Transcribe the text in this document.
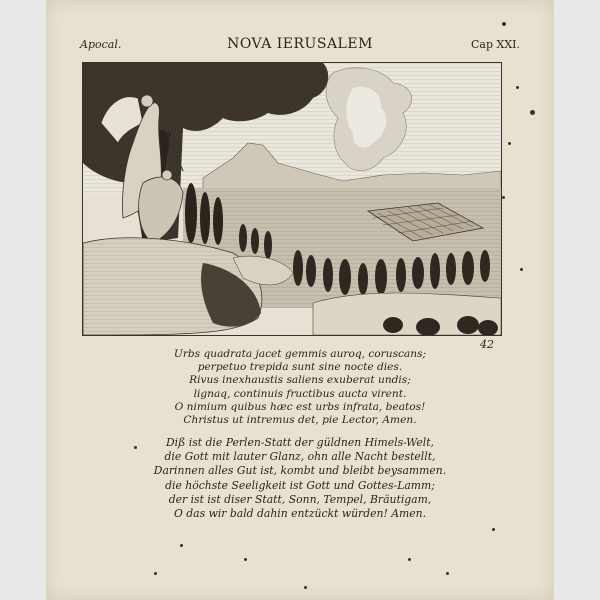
Apocal.	NOVA IERUSALEM	Cap XXI.
42
Urbs quadrata jacet gemmis auroq, coruscans;
perpetuo trepida sunt sine nocte dies.
Rivus inexhaustis saliens exuberat undis;
lignaq, continuis fructibus aucta virent.
O nimium quibus hæc est urbs infrata, beatos!
Christus ut intremus det, pie Lector, Amen.
Diß ist die Perlen-Statt der güldnen Himels-Welt,
die Gott mit lauter Glanz, ohn alle Nacht bestellt,
Darinnen alles Gut ist, kombt und bleibt beysammen.
die höchste Seeligkeit ist Gott und Gottes-Lamm;
der ist ist diser Statt, Sonn, Tempel, Bräutigam,
O das wir bald dahin entzückt würden! Amen.
